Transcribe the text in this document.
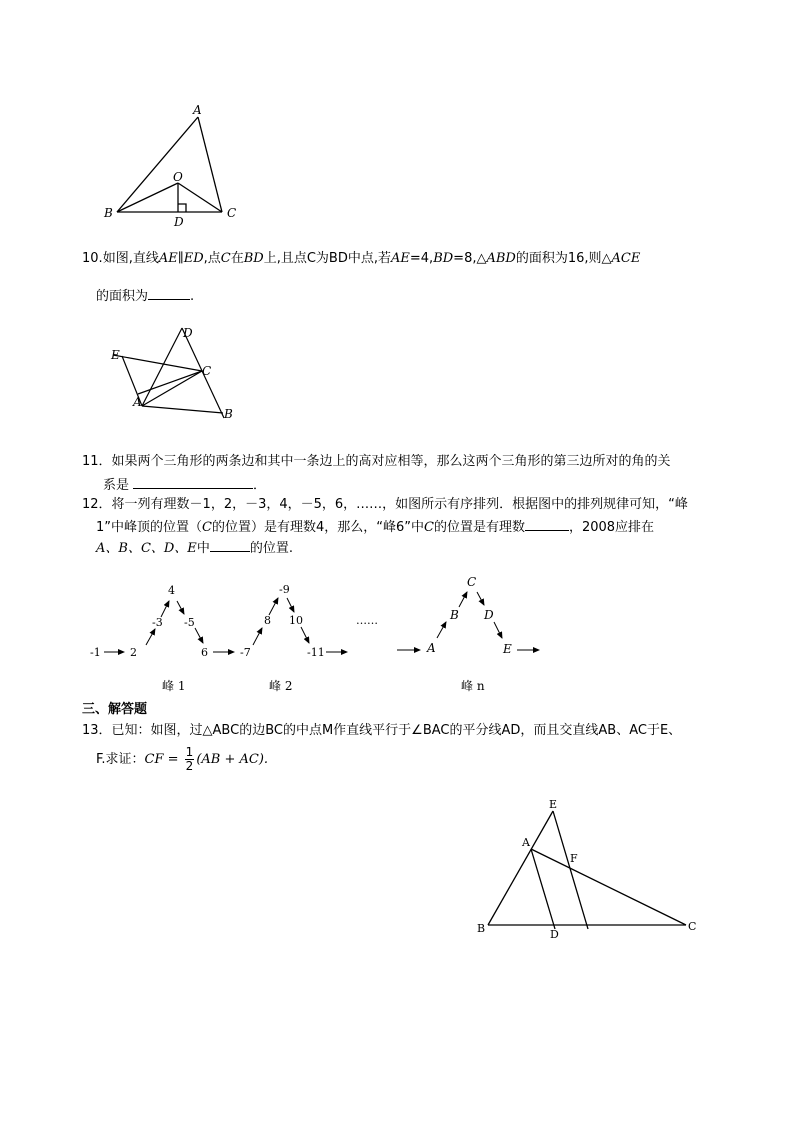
A
O
B
D
C
10.如图,直线AE∥ED,点C在BD上,且点C为BD中点,若AE=4,BD=8,△ABD的面积为16,则△ACE
的面积为	.
D
E
C
A
B
11．如果两个三角形的两条边和其中一条边上的高对应相等，那么这两个三角形的第三边所对的角的关
系是	．
12．将一列有理数－1，2，－3，4，－5，6，……，如图所示有序排列．根据图中的排列规律可知，“峰
1”中峰顶的位置（C的位置）是有理数4，那么，“峰6”中C的位置是有理数	，2008应排在
A、B、C、D、E中	的位置.
-1	2
-3
4
-5
6	-7
8
-9
10
-11
……
A
B
C
D
E
峰 1	峰 2	峰 n
三、解答题
13．已知：如图，过△ABC的边BC的中点M作直线平行于∠BAC的平分线AD，而且交直线AB、AC于E、
F.求证：CF = $\frac{1}{2} (AB + AC)$.
E
A
F
B	D
C
